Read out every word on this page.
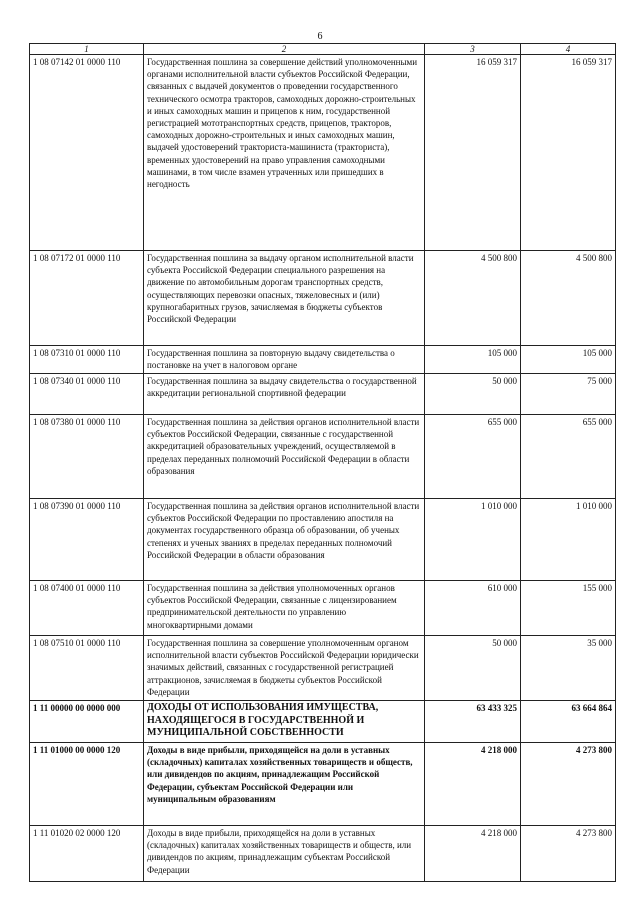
6
1	2	3	4
1 08 07142 01 0000 110	Государственная пошлина за совершение действий уполномоченными органами исполнительной власти субъектов Российской Федерации, связанных с выдачей документов о проведении государственного технического осмотра тракторов, самоходных дорожно-строительных и иных самоходных машин и прицепов к ним, государственной регистрацией мототранспортных средств, прицепов, тракторов, самоходных дорожно-строительных и иных самоходных машин, выдачей удостоверений тракториста-машиниста (тракториста), временных удостоверений на право управления самоходными машинами, в том числе взамен утраченных или пришедших в негодность	16 059 317	16 059 317
1 08 07172 01 0000 110	Государственная пошлина за выдачу органом исполнительной власти субъекта Российской Федерации специального разрешения на движение по автомобильным дорогам транспортных средств, осуществляющих перевозки опасных, тяжеловесных и (или) крупногабаритных грузов, зачисляемая в бюджеты субъектов Российской Федерации	4 500 800	4 500 800
1 08 07310 01 0000 110	Государственная пошлина за повторную выдачу свидетельства о постановке на учет в налоговом органе	105 000	105 000
1 08 07340 01 0000 110	Государственная пошлина за выдачу свидетельства о государственной аккредитации региональной спортивной федерации	50 000	75 000
1 08 07380 01 0000 110	Государственная пошлина за действия органов исполнительной власти субъектов Российской Федерации, связанные с государственной аккредитацией образовательных учреждений, осуществляемой в пределах переданных полномочий Российской Федерации в области образования	655 000	655 000
1 08 07390 01 0000 110	Государственная пошлина за действия органов исполнительной власти субъектов Российской Федерации по проставлению апостиля на документах государственного образца об образовании, об ученых степенях и ученых званиях в пределах переданных полномочий Российской Федерации в области образования	1 010 000	1 010 000
1 08 07400 01 0000 110	Государственная пошлина за действия уполномоченных органов субъектов Российской Федерации, связанные с лицензированием предпринимательской деятельности по управлению многоквартирными домами	610 000	155 000
1 08 07510 01 0000 110	Государственная пошлина за совершение уполномоченным органом исполнительной власти субъектов Российской Федерации юридически значимых действий, связанных с государственной регистрацией аттракционов, зачисляемая в бюджеты субъектов Российской Федерации	50 000	35 000
1 11 00000 00 0000 000	ДОХОДЫ ОТ ИСПОЛЬЗОВАНИЯ ИМУЩЕСТВА, НАХОДЯЩЕГОСЯ В ГОСУДАРСТВЕННОЙ И МУНИЦИПАЛЬНОЙ СОБСТВЕННОСТИ	63 433 325	63 664 864
1 11 01000 00 0000 120	Доходы в виде прибыли, приходящейся на доли в уставных (складочных) капиталах хозяйственных товариществ и обществ, или дивидендов по акциям, принадлежащим Российской Федерации, субъектам Российской Федерации или муниципальным образованиям	4 218 000	4 273 800
1 11 01020 02 0000 120	Доходы в виде прибыли, приходящейся на доли в уставных (складочных) капиталах хозяйственных товариществ и обществ, или дивидендов по акциям, принадлежащим субъектам Российской Федерации	4 218 000	4 273 800
